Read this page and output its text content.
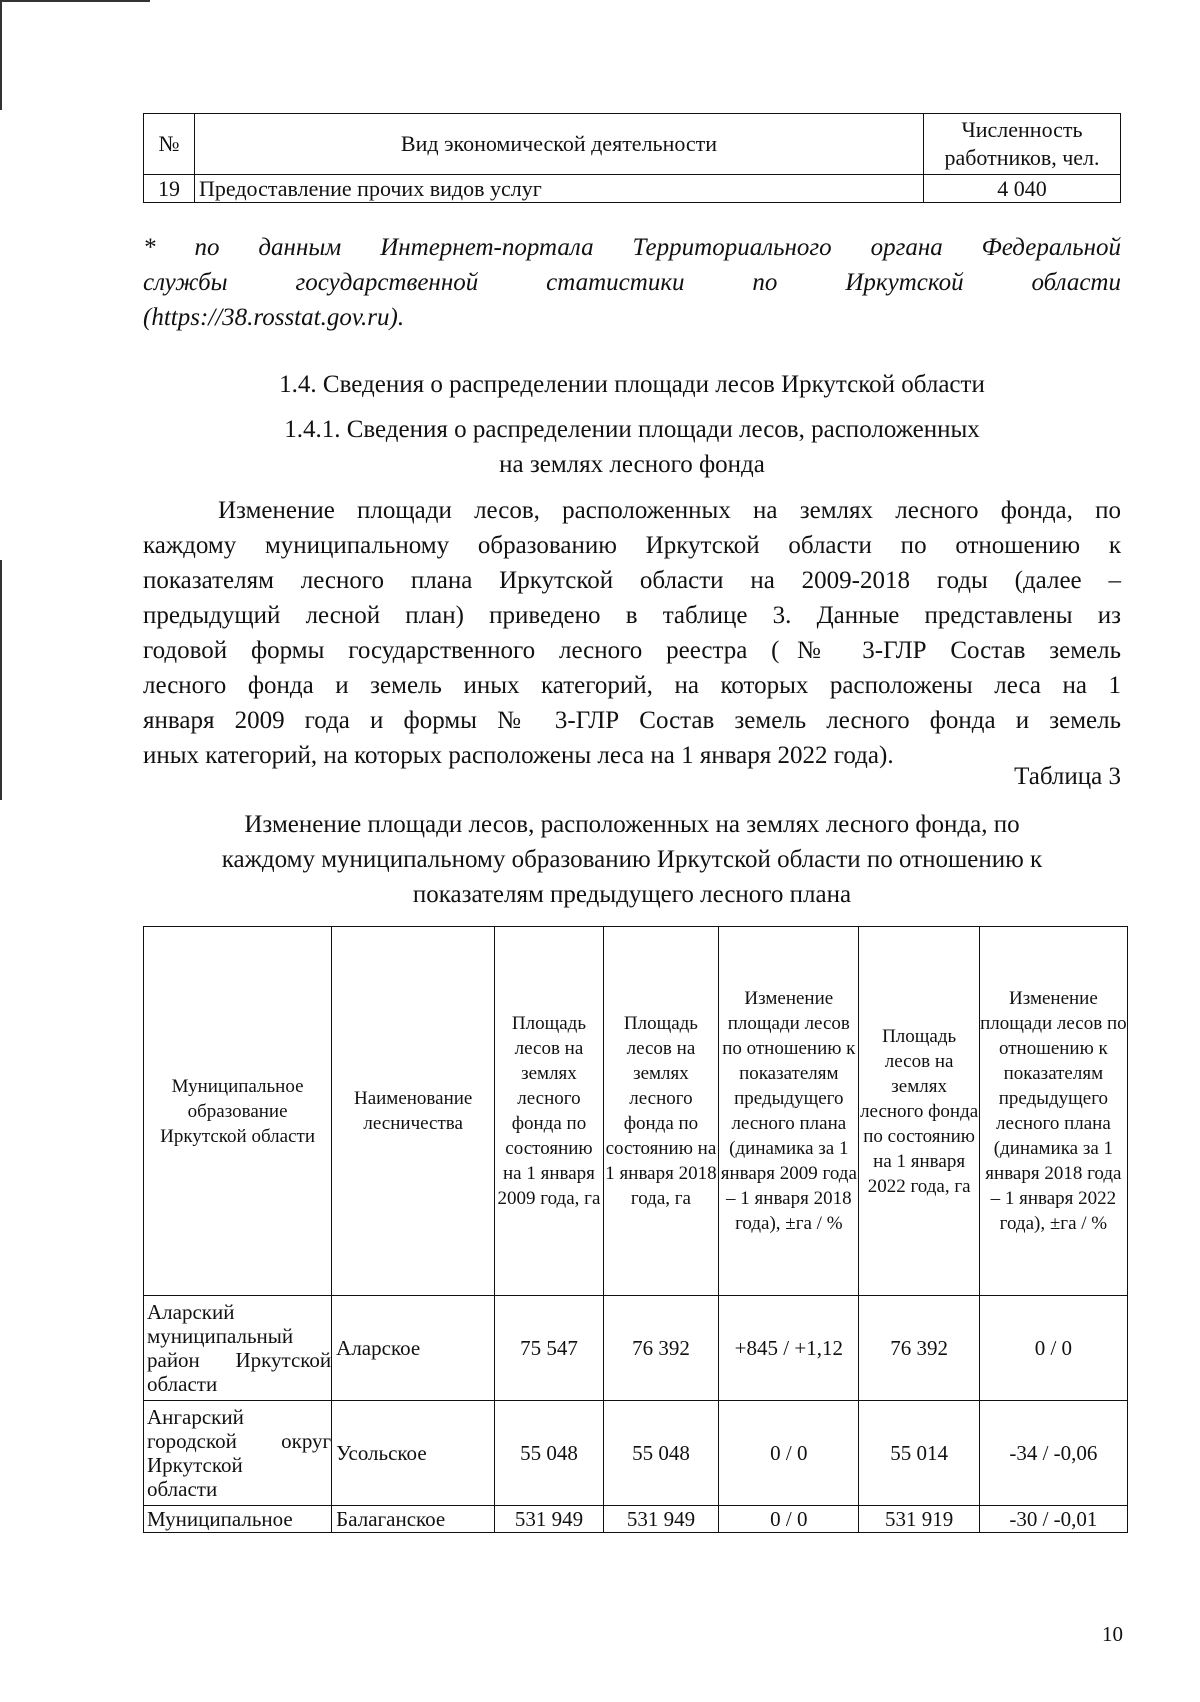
№	Вид экономической деятельности	Численность работников, чел.
19	Предоставление прочих видов услуг	4 040
* по данным Интернет-портала Территориального органа Федеральной
службы государственной статистики по Иркутской области
(https://38.rosstat.gov.ru).
1.4. Сведения о распределении площади лесов Иркутской области
1.4.1. Сведения о распределении площади лесов, расположенных
на землях лесного фонда
Изменение площади лесов, расположенных на землях лесного фонда, по
каждому муниципальному образованию Иркутской области по отношению к
показателям лесного плана Иркутской области на 2009-2018 годы (далее –
предыдущий лесной план) приведено в таблице 3. Данные представлены из
годовой формы государственного лесного реестра (№ 3-ГЛР Состав земель
лесного фонда и земель иных категорий, на которых расположены леса на 1
января 2009 года и формы № 3-ГЛР Состав земель лесного фонда и земель
иных категорий, на которых расположены леса на 1 января 2022 года).
Таблица 3
Изменение площади лесов, расположенных на землях лесного фонда, по
каждому муниципальному образованию Иркутской области по отношению к
показателям предыдущего лесного плана
Муниципальное образование Иркутской области	Наименование лесничества	Площадь лесов на землях лесного фонда по состоянию на 1 января 2009 года, га	Площадь лесов на землях лесного фонда по состоянию на 1 января 2018 года, га	Изменение площади лесов по отношению к показателям предыдущего лесного плана (динамика за 1 января 2009 года – 1 января 2018 года), ±га / %	Площадь лесов на землях лесного фонда по состоянию на 1 января 2022 года, га	Изменение площади лесов по отношению к показателям предыдущего лесного плана (динамика за 1 января 2018 года – 1 января 2022 года), ±га / %

Аларский
муниципальный
район Иркутской
области	Аларское	75 547	76 392	+845 / +1,12	76 392	0 / 0

Ангарский
городской округ
Иркутской
области	Усольское	55 048	55 048	0 / 0	55 014	-34 / -0,06

Муниципальное	Балаганское	531 949	531 949	0 / 0	531 919	-30 / -0,01
10
